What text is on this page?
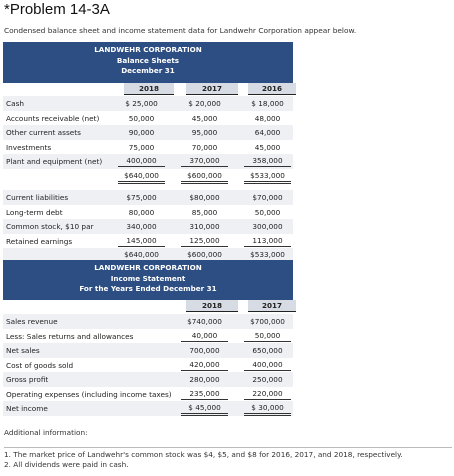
*Problem 14-3A
Condensed balance sheet and income statement data for Landwehr Corporation appear below.
LANDWEHR CORPORATION
Balance Sheets
December 31
2018	2017	2016
Cash	$ 25,000	$ 20,000	$ 18,000
Accounts receivable (net)	50,000	45,000	48,000
Other current assets	90,000	95,000	64,000
Investments	75,000	70,000	45,000
Plant and equipment (net)	400,000	370,000	358,000
$640,000	$600,000	$533,000
Current liabilities	$75,000	$80,000	$70,000
Long-term debt	80,000	85,000	50,000
Common stock, $10 par	340,000	310,000	300,000
Retained earnings	145,000	125,000	113,000
$640,000	$600,000	$533,000
LANDWEHR CORPORATION
Income Statement
For the Years Ended December 31
2018	2017
Sales revenue	$740,000	$700,000
Less: Sales returns and allowances	40,000	50,000
Net sales	700,000	650,000
Cost of goods sold	420,000	400,000
Gross profit	280,000	250,000
Operating expenses (including income taxes)	235,000	220,000
Net income	$ 45,000	$ 30,000
Additional information:
1. The market price of Landwehr's common stock was $4, $5, and $8 for 2016, 2017, and 2018, respectively.
2. All dividends were paid in cash.
